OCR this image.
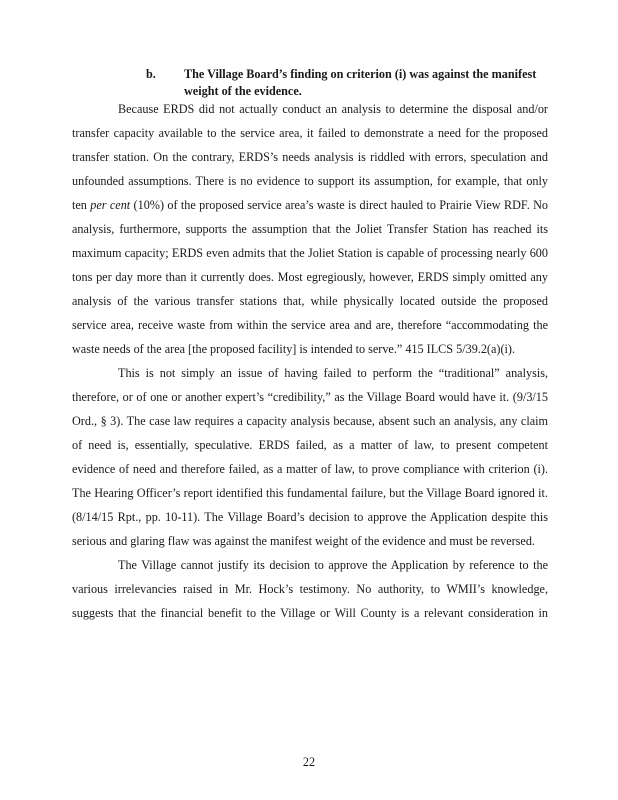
b. The Village Board’s finding on criterion (i) was against the manifest
weight of the evidence.
Because ERDS did not actually conduct an analysis to determine the disposal and/or
transfer capacity available to the service area, it failed to demonstrate a need for the proposed
transfer station. On the contrary, ERDS’s needs analysis is riddled with errors, speculation and
unfounded assumptions. There is no evidence to support its assumption, for example, that only
ten per cent (10%) of the proposed service area’s waste is direct hauled to Prairie View RDF. No
analysis, furthermore, supports the assumption that the Joliet Transfer Station has reached its
maximum capacity; ERDS even admits that the Joliet Station is capable of processing nearly 600
tons per day more than it currently does. Most egregiously, however, ERDS simply omitted any
analysis of the various transfer stations that, while physically located outside the proposed
service area, receive waste from within the service area and are, therefore “accommodating the
waste needs of the area [the proposed facility] is intended to serve.” 415 ILCS 5/39.2(a)(i).
This is not simply an issue of having failed to perform the “traditional” analysis,
therefore, or of one or another expert’s “credibility,” as the Village Board would have it. (9/3/15
Ord., § 3). The case law requires a capacity analysis because, absent such an analysis, any claim
of need is, essentially, speculative. ERDS failed, as a matter of law, to present competent
evidence of need and therefore failed, as a matter of law, to prove compliance with criterion (i).
The Hearing Officer’s report identified this fundamental failure, but the Village Board ignored it.
(8/14/15 Rpt., pp. 10-11). The Village Board’s decision to approve the Application despite this
serious and glaring flaw was against the manifest weight of the evidence and must be reversed.
The Village cannot justify its decision to approve the Application by reference to the
various irrelevancies raised in Mr. Hock’s testimony. No authority, to WMII’s knowledge,
suggests that the financial benefit to the Village or Will County is a relevant consideration in
22
